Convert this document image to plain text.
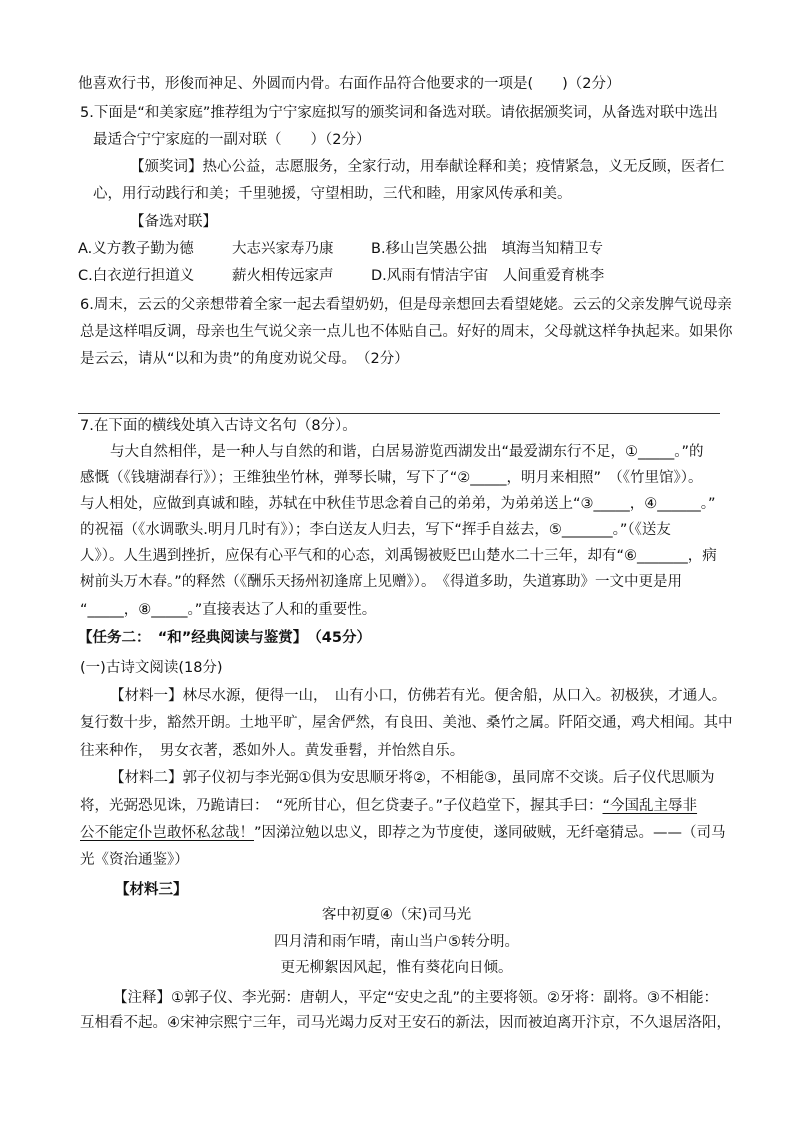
他喜欢行书，形俊而神足、外圆而内骨。右面作品符合他要求的一项是(　　)（2分）
5.下面是“和美家庭”推荐组为宁宁家庭拟写的颁奖词和备选对联。请依据颁奖词，从备选对联中选出
最适合宁宁家庭的一副对联（　　）（2分）
【颁奖词】热心公益，志愿服务，全家行动，用奉献诠释和美；疫情紧急，义无反顾，医者仁
心，用行动践行和美；千里驰援，守望相助，三代和睦，用家风传承和美。
【备选对联】
A.义方教子勤为德	大志兴家寿乃康	B.移山岂笑愚公拙　填海当知精卫专
C.白衣逆行担道义	薪火相传远家声	D.风雨有情洁宇宙　人间重爱育桃李
6.周末，云云的父亲想带着全家一起去看望奶奶，但是母亲想回去看望姥姥。云云的父亲发脾气说母亲
总是这样唱反调，母亲也生气说父亲一点儿也不体贴自己。好好的周末，父母就这样争执起来。如果你
是云云，请从“以和为贵”的角度劝说父母。　（2分）
7.在下面的横线处填入古诗文名句（8分）。
与大自然相伴，是一种人与自然的和谐，白居易游览西湖发出“最爱湖东行不足，①_____。”的
感慨（《钱塘湖春行》）；王维独坐竹林，弹琴长啸，写下了“②_____，明月来相照”　（《竹里馆》）。
与人相处，应做到真诚和睦，苏轼在中秋佳节思念着自己的弟弟，为弟弟送上“③_____，④______。”
的祝福（《水调歌头.明月几时有》）；李白送友人归去，写下“挥手自兹去，⑤_______。”（《送友
人》）。人生遇到挫折，应保有心平气和的心态，刘禹锡被贬巴山楚水二十三年，却有“⑥_______，病
树前头万木春。”的释然（《酬乐天扬州初逢席上见赠》）。　《得道多助，失道寡助》一文中更是用
“_____，⑧_____。”直接表达了人和的重要性。
【任务二：　“和”经典阅读与鉴赏】　（45分）
(一)古诗文阅读(18分)
【材料一】林尽水源，便得一山，　山有小口，仿佛若有光。便舍船，从口入。初极狭，才通人。
复行数十步，豁然开朗。土地平旷，屋舍俨然，有良田、美池、桑竹之属。阡陌交通，鸡犬相闻。其中
往来种作，　男女衣著，悉如外人。黄发垂髫，并怡然自乐。
【材料二】郭子仪初与李光弼①俱为安思顺牙将②，不相能③，虽同席不交谈。后子仪代思顺为
将，光弼恐见诛，乃跪请曰：　“死所甘心，但乞贷妻子。”子仪趋堂下，握其手曰：“今国乱主辱非
公不能定仆岂敢怀私忿哉！”因涕泣勉以忠义，即荐之为节度使，遂同破贼，无纤毫猜忌。——（司马
光《资治通鉴》）
【材料三】
客中初夏④（宋)司马光
四月清和雨乍晴，南山当户⑤转分明。
更无柳絮因风起，惟有葵花向日倾。
【注释】①郭子仪、李光弼：唐朝人，平定“安史之乱”的主要将领。②牙将：副将。③不相能：
互相看不起。④宋神宗熙宁三年，司马光竭力反对王安石的新法，因而被迫离开汴京，不久退居洛阳，
